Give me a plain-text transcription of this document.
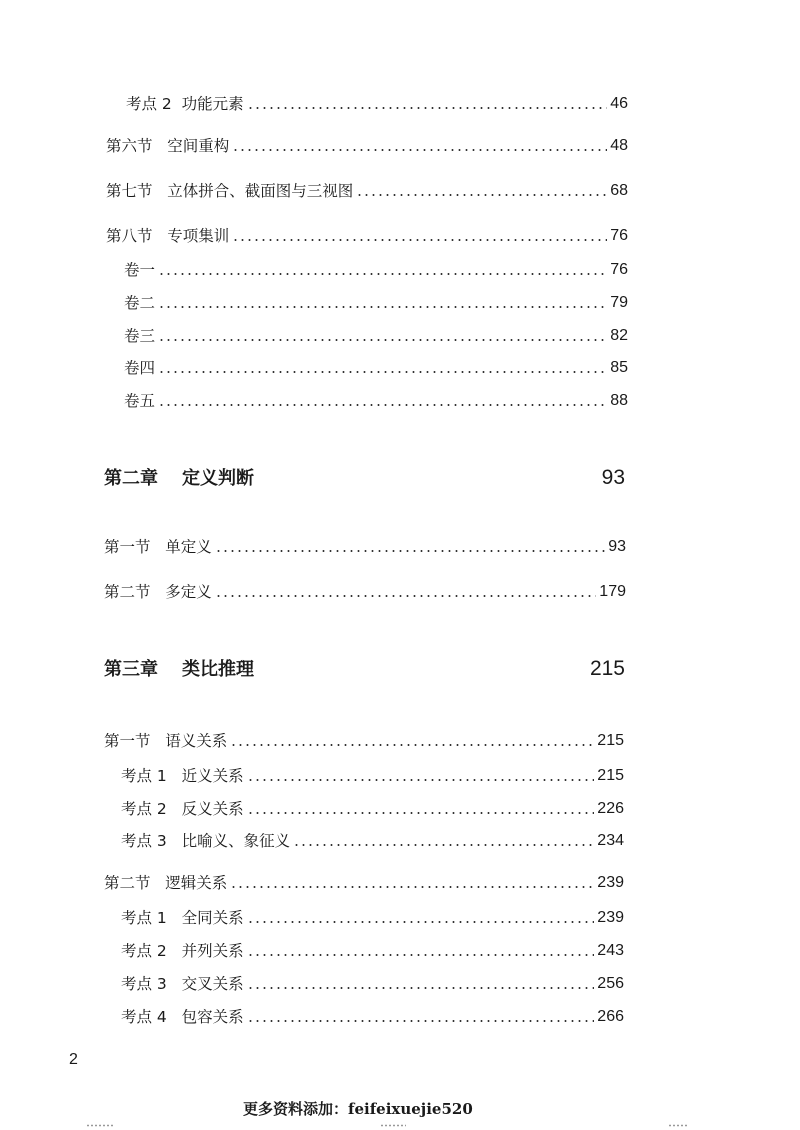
考点 2 功能元素	46
第六节 空间重构	48
第七节 立体拼合、截面图与三视图	68
第八节 专项集训	76
卷一	76
卷二	79
卷三	82
卷四	85
卷五	88
第二章 定义判断	93
第一节 单定义	93
第二节 多定义	179
第三章 类比推理	215
第一节 语义关系	215
考点 1 近义关系	215
考点 2 反义关系	226
考点 3 比喻义、象征义	234
第二节 逻辑关系	239
考点 1 全同关系	239
考点 2 并列关系	243
考点 3 交叉关系	256
考点 4 包容关系	266
2
更多资料添加：feifeixuejie520
